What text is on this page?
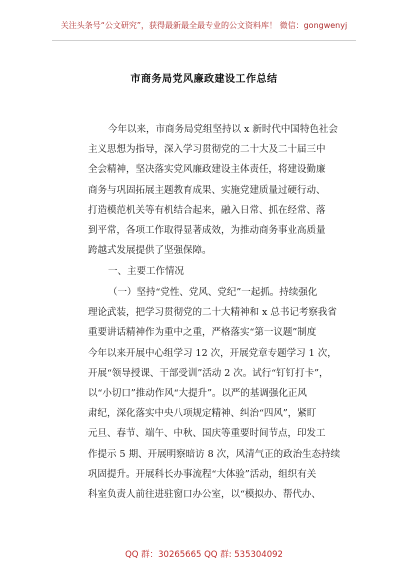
关注头条号“公文研究”，获得最新最全最专业的公文资料库！ 微信：gongwenyj
市商务局党风廉政建设工作总结
今年以来，市商务局党组坚持以 x 新时代中国特色社会
主义思想为指导，深入学习贯彻党的二十大及二十届三中
全会精神，坚决落实党风廉政建设主体责任，将建设勤廉
商务与巩固拓展主题教育成果、实施党建质量过硬行动、
打造模范机关等有机结合起来，融入日常、抓在经常、落
到平常，各项工作取得显著成效，为推动商务事业高质量
跨越式发展提供了坚强保障。
一、主要工作情况
（一）坚持“党性、党风、党纪”一起抓。持续强化
理论武装，把学习贯彻党的二十大精神和 x 总书记考察我省
重要讲话精神作为重中之重，严格落实“第一议题”制度
今年以来开展中心组学习 12 次，开展党章专题学习 1 次，
开展“领导授课、干部受训”活动 2 次。试行“钉钉打卡”，
以“小切口”推动作风“大提升”。以严的基调强化正风
肃纪，深化落实中央八项规定精神、纠治“四风”，紧盯
元旦、春节、端午、中秋、国庆等重要时间节点，印发工
作提示 5 期、开展明察暗访 8 次，风清气正的政治生态持续
巩固提升。开展科长办事流程“大体验”活动，组织有关
科室负责人前往进驻窗口办公室，以“模拟办、帮代办、
QQ 群：30265665 QQ 群: 535304092
